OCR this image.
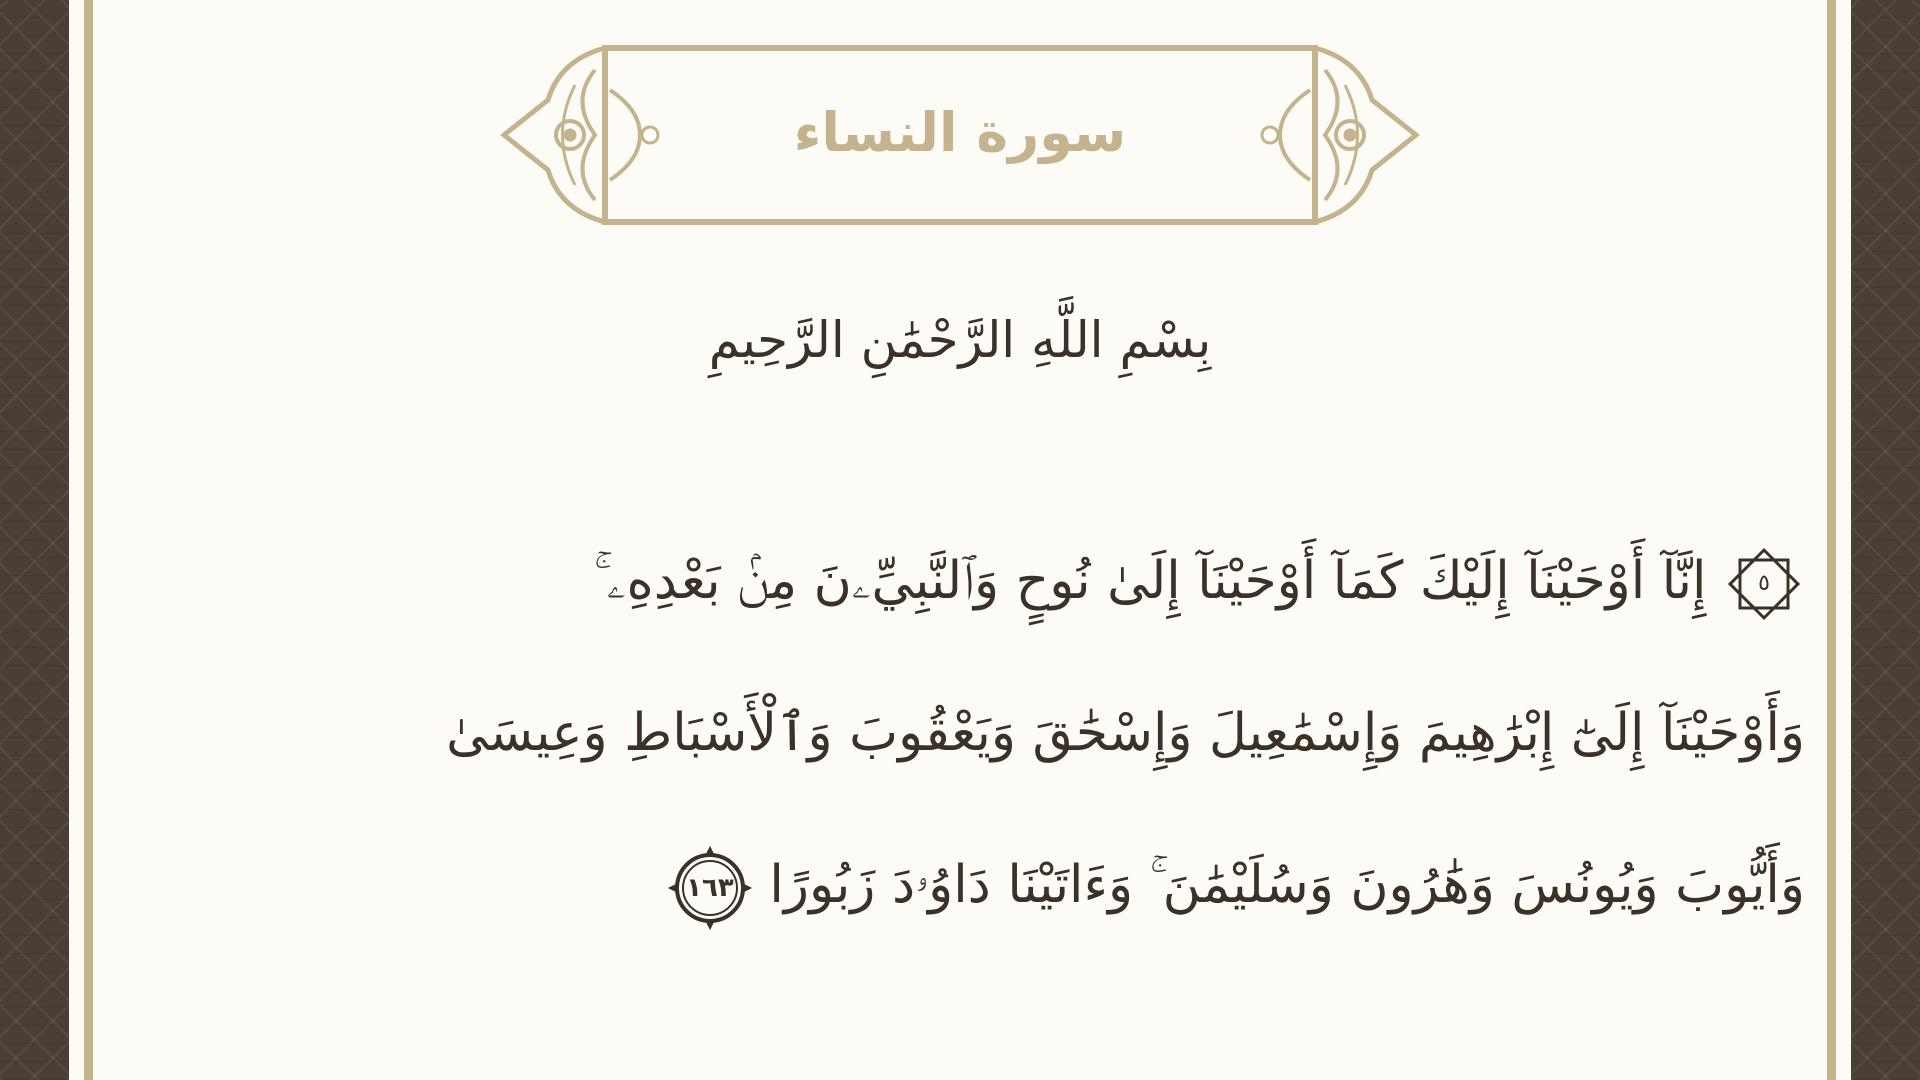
سورة النساء
بِسْمِ اللَّهِ الرَّحْمَٰنِ الرَّحِيمِ
٥
إِنَّآ أَوْحَيْنَآ إِلَيْكَ كَمَآ أَوْحَيْنَآ إِلَىٰ نُوحٍ وَٱلنَّبِيِّۦنَ مِنۢ بَعْدِهِۦ ۚ
وَأَوْحَيْنَآ إِلَىٰٓ إِبْرَٰهِيمَ وَإِسْمَٰعِيلَ وَإِسْحَٰقَ وَيَعْقُوبَ وَٱلْأَسْبَاطِ وَعِيسَىٰ
وَأَيُّوبَ وَيُونُسَ وَهَٰرُونَ وَسُلَيْمَٰنَ ۚ وَءَاتَيْنَا دَاوُۥدَ زَبُورًا
١٦٣
